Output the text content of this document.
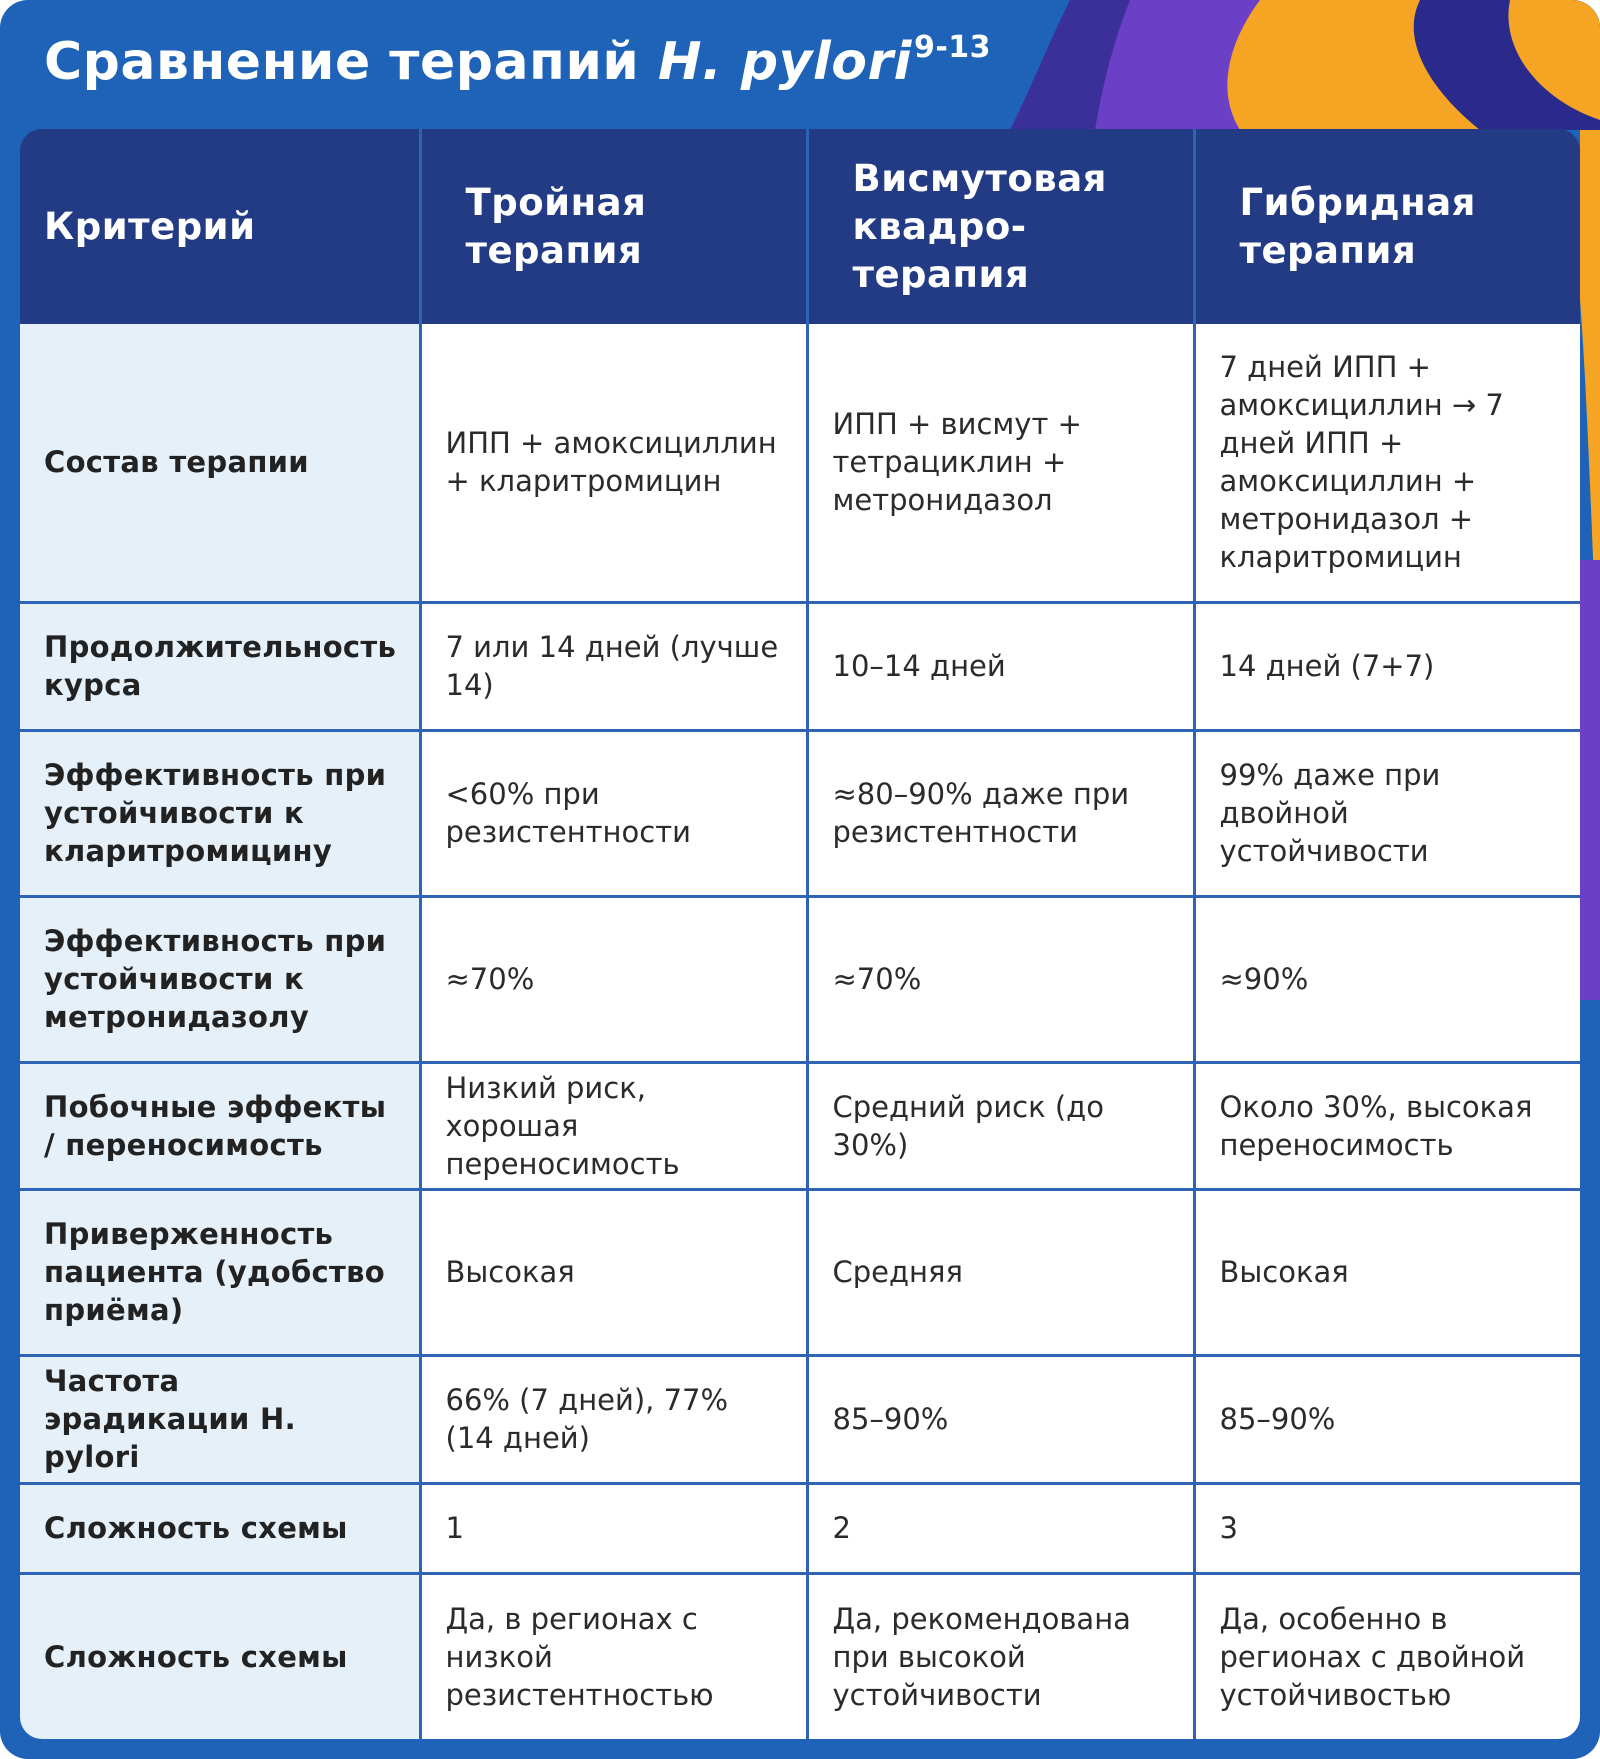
Сравнение терапий H. pylori$^{9-13}$
Критерий	Тройная терапия	Висмутовая квадро-терапия	Гибридная терапия
Состав терапии	ИПП + амоксициллин + кларитромицин	ИПП + висмут + тетрациклин + метронидазол	7 дней ИПП + амоксициллин → 7 дней ИПП + амоксициллин + метронидазол + кларитромицин
Продолжительность курса	7 или 14 дней (лучше 14)	10–14 дней	14 дней (7+7)
Эффективность при устойчивости к кларитромицину	<60% при резистентности	≈80–90% даже при резистентности	99% даже при двойной устойчивости
Эффективность при устойчивости к метронидазолу	≈70%	≈70%	≈90%
Побочные эффекты / переносимость	Низкий риск, хорошая переносимость	Средний риск (до 30%)	Около 30%, высокая переносимость
Приверженность пациента (удобство приёма)	Высокая	Средняя	Высокая
Частота эрадикации H. pylori	66% (7 дней), 77% (14 дней)	85–90%	85–90%
Сложность схемы	1	2	3
Сложность схемы	Да, в регионах с низкой резистентностью	Да, рекомендована при высокой устойчивости	Да, особенно в регионах с двойной устойчивостью
